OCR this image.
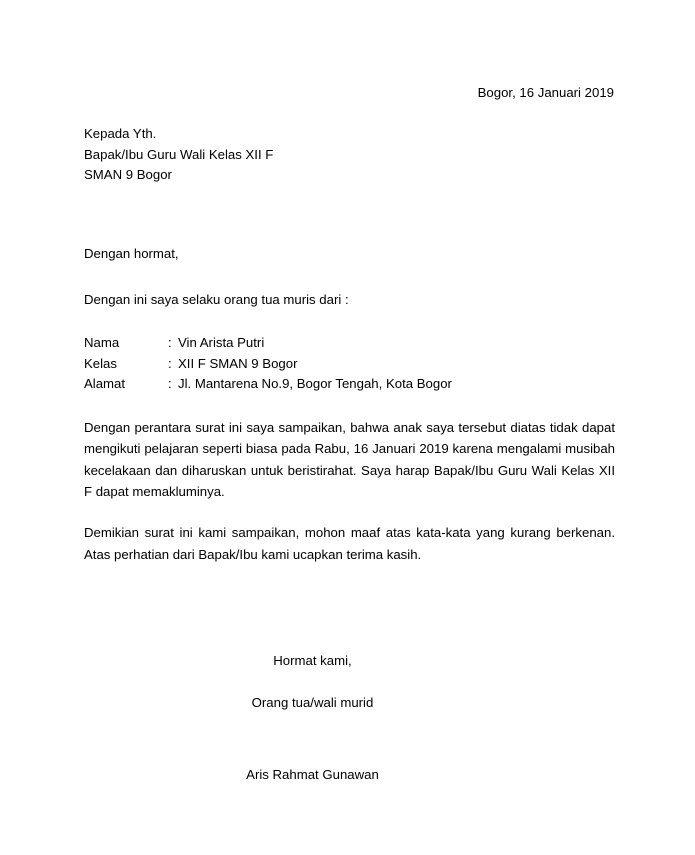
Bogor, 16 Januari 2019
Kepada Yth.
Bapak/Ibu Guru Wali Kelas XII F
SMAN 9 Bogor
Dengan hormat,
Dengan ini saya selaku orang tua muris dari :
Nama	:	Vin Arista Putri
Kelas	:	XII F SMAN 9 Bogor
Alamat	:	Jl. Mantarena No.9, Bogor Tengah, Kota Bogor

Dengan perantara surat ini saya sampaikan, bahwa anak saya tersebut diatas tidak dapat mengikuti pelajaran seperti biasa pada Rabu, 16 Januari 2019 karena mengalami musibah kecelakaan dan diharuskan untuk beristirahat. Saya harap Bapak/Ibu Guru Wali Kelas XII F dapat memakluminya.

Demikian surat ini kami sampaikan, mohon maaf atas kata-kata yang kurang berkenan. Atas perhatian dari Bapak/Ibu kami ucapkan terima kasih.

Hormat kami,
Orang tua/wali murid
Aris Rahmat Gunawan
